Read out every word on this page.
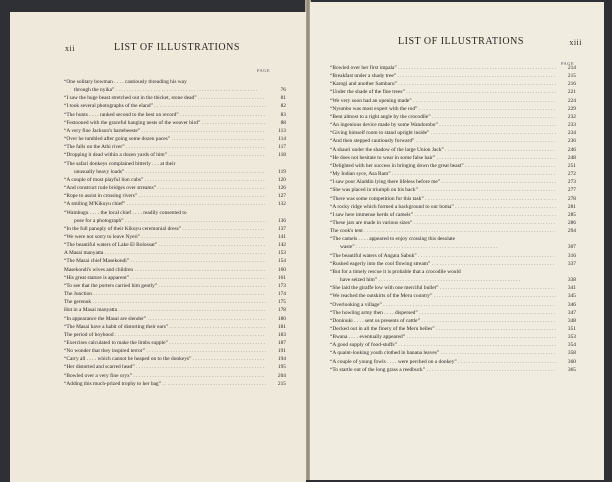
xii	LIST OF ILLUSTRATIONS
PAGE
“One solitary bowman . . . . cautiously threading his way
through the nyika” . . .	76
“I saw the huge beast stretched out in the thicket, stone dead” . . .	81
“I took several photographs of the eland” . . .	82
“The hunts . . . . ranked second to the best on record” . . .	83
“Festooned with the graceful hanging nests of the weaver bird” . . .	88
“A very fine Jackson's hartebeeste” . . .	113
“Over he tumbled after going some dozen paces” . . .	114
“The falls on the Athi river” . . .	117
“Dropping it dead within a dozen yards of him” . . .	118
“The safari donkeys complained bitterly . . . at their
unusually heavy loads” . . .	119
“A couple of most playful lion cubs” . . .	120
“And construct rude bridges over streams” . . .	126
“Rope to assist in crossing rivers” . . .	127
“A smiling M'Kikuyu chief” . . .	132
“Wambugu . . . . the local chief . . . . readily consented to
pose for a photograph” . . .	136
“In the full panoply of their Kikuyu ceremonial dress” . . .	137
“We were not sorry to leave Nyeri” . . .	141
“The beautiful waters of Lake El Bolossat” . . .	142
A Masai manyatta . . .	153
“The Masai chief Masekondi” . . .	154
Masekondi's wives and children . . .	160
“His great stature is apparent” . . .	161
“To see that the porters carried him gently” . . .	173
The Junction . . .	174
The gerenuk . . .	175
Hut in a Masai manyatta . . .	178
“In appearance the Masai are slender” . . .	180
“The Masai have a habit of distorting their ears” . . .	181
The period of boyhood . . .	183
“Exercises calculated to make the limbs supple” . . .	187
“No wonder that they inspired terror” . . .	191
“Carry all . . . . which cannot be heaped on to the donkeys” . . .	194
“Her distorted and scarred head” . . .	195
“Bowled over a very fine oryx” . . .	204
“Adding this much-prized trophy to her bag” . . .	215
LIST OF ILLUSTRATIONS	xiii
PAGE
“Bowled over her first impala” . . .	214
“Breakfast under a shady tree” . . .	215
“Karogi and another Sambaru” . . .	216
“Under the shade of the fine trees” . . .	221
“We very soon had an opening made” . . .	224
“Nyumbo was most expert with the rod” . . .	229
“Bent almost to a right angle by the crocodile” . . .	232
“An ingenious device made by some Wandorobo” . . .	233
“Giving himself room to stand upright inside” . . .	234
“And then stepped cautiously forward” . . .	236
“A shauri under the shadow of the large Union Jack” . . .	246
“He does not hesitate to wear in some false hair” . . .	248
“Delighted with her success in bringing down the great beast” . . .	251
“My Indian syce, Asa Ram” . . .	272
“I saw poor Aladdin lying there lifeless before me” . . .	273
“She was placed in triumph on his back” . . .	277
“There was some competition for this task” . . .	278
“A rocky ridge which formed a background to our boma” . . .	281
“I saw here immense herds of camels” . . .	285
“These jars are made in various sizes” . . .	286
The cook's tent . . .	294
“The camels . . . . appeared to enjoy crossing this desolate
waste” . . .	307
“The beautiful waters of Angara Sabuk” . . .	316
“Rushed eagerly into the cool flowing stream” . . .	337
“But for a timely rescue it is probable that a crocodile would
have seized him” . . .	338
“She laid the giraffe low with one merciful bullet” . . .	341
“We reached the outskirts of the Meru country” . . .	345
“Overlooking a village” . . .	346
“The howling army then . . . . dispersed” . . .	347
“Doninuki . . . . sent us presents of cattle” . . .	348
“Decked out in all the finery of the Meru belles” . . .	351
“Bwana . . . . eventually appeared” . . .	353
“A good supply of food-stuffs” . . .	354
“A quaint-looking youth clothed in banana leaves” . . .	358
“A couple of young fowls . . . . were perched on a donkey” . . .	360
“To startle out of the long grass a reedbuck” . . .	365
